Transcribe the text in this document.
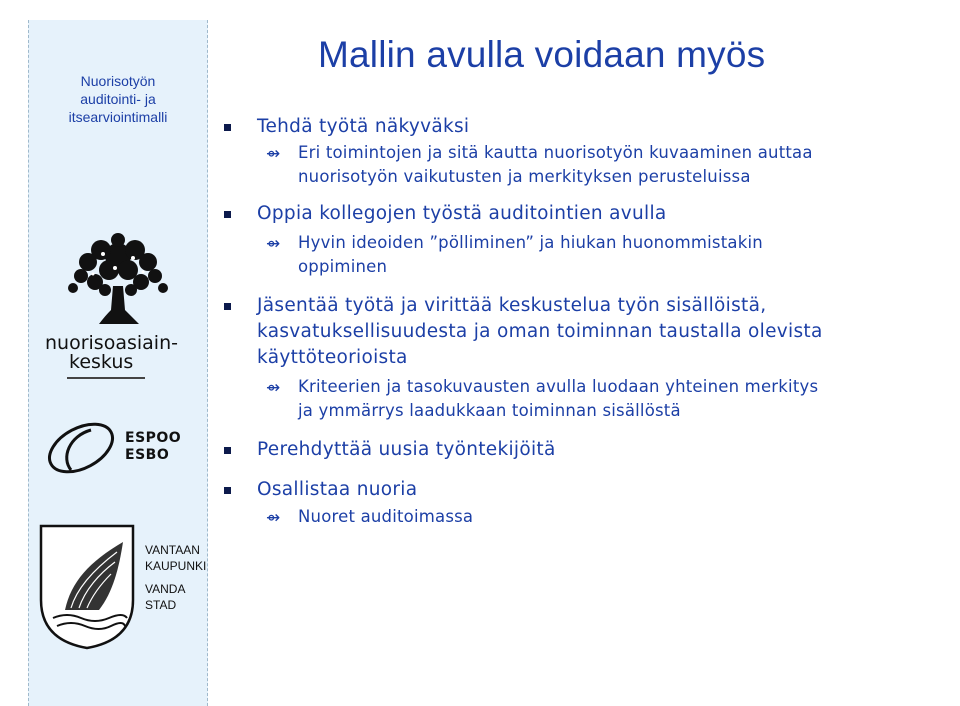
Nuorisotyön
auditointi- ja
itsearviointimalli
nuorisoasiain-
keskus
ESPOO
ESBO
VANTAAN
KAUPUNKI
VANDA
STAD
Mallin avulla voidaan myös
Tehdä työtä näkyväksi
⇴ Eri toimintojen ja sitä kautta nuorisotyön kuvaaminen auttaa
nuorisotyön vaikutusten ja merkityksen perusteluissa
Oppia kollegojen työstä auditointien avulla
⇴ Hyvin ideoiden ”pölliminen” ja hiukan huonommistakin
oppiminen
Jäsentää työtä ja virittää keskustelua työn sisällöistä,
kasvatuksellisuudesta ja oman toiminnan taustalla olevista
käyttöteorioista
⇴ Kriteerien ja tasokuvausten avulla luodaan yhteinen merkitys
ja ymmärrys laadukkaan toiminnan sisällöstä
Perehdyttää uusia työntekijöitä
Osallistaa nuoria
⇴ Nuoret auditoimassa
